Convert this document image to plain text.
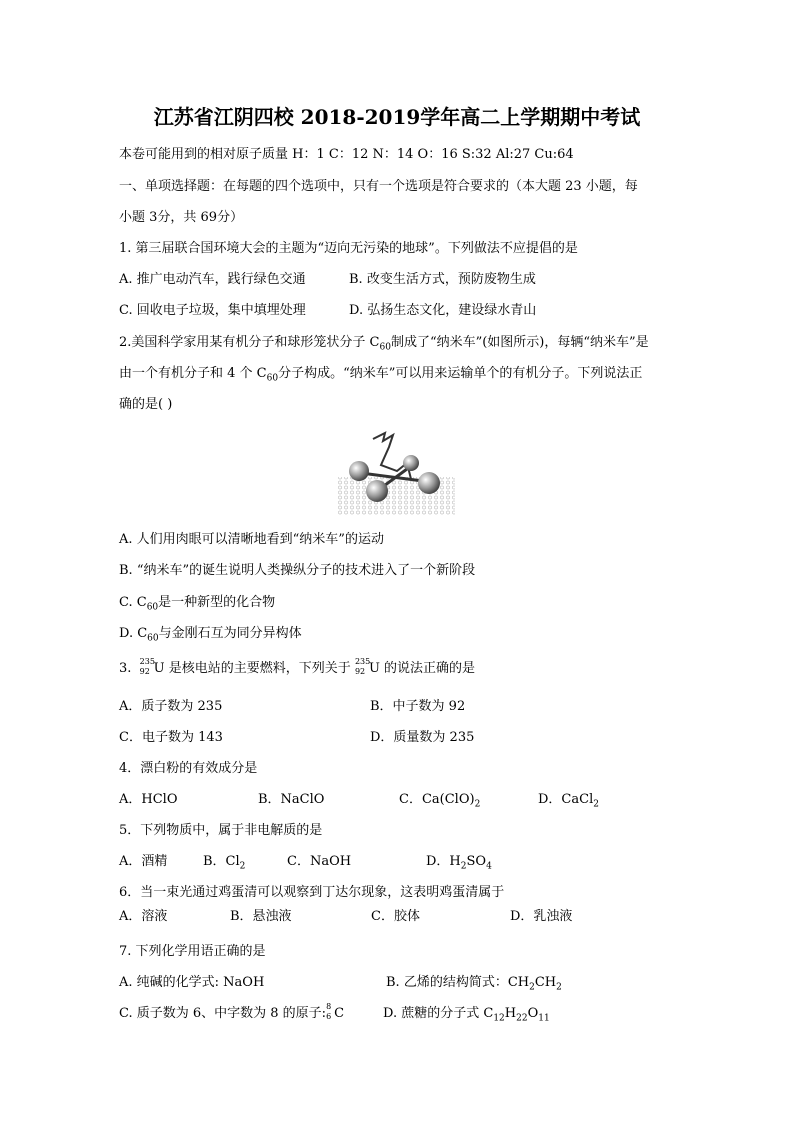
江苏省江阴四校 2018-2019学年高二上学期期中考试
本卷可能用到的相对原子质量 H：1 C：12 N：14 O：16 S:32 Al:27 Cu:64
一、单项选择题：在每题的四个选项中，只有一个选项是符合要求的（本大题 23 小题，每
小题 3分，共 69分）
1. 第三届联合国环境大会的主题为“迈向无污染的地球”。下列做法不应提倡的是
A. 推广电动汽车，践行绿色交通	B. 改变生活方式，预防废物生成
C. 回收电子垃圾，集中填埋处理	D. 弘扬生态文化，建设绿水青山
2.美国科学家用某有机分子和球形笼状分子 $C_{60}$制成了“纳米车”(如图所示)，每辆“纳米车”是
由一个有机分子和 4 个 $C_{60}$分子构成。“纳米车”可以用来运输单个的有机分子。下列说法正
确的是( )
A. 人们用肉眼可以清晰地看到“纳米车”的运动
B. “纳米车”的诞生说明人类操纵分子的技术进入了一个新阶段
C. $C_{60}$是一种新型的化合物
D. $C_{60}$与金刚石互为同分异构体
3. 235
92 U 是核电站的主要燃料，下列关于 235
92 U 的说法正确的是
A．质子数为 235	B．中子数为 92
C．电子数为 143	D．质量数为 235
4．漂白粉的有效成分是
A．HClO	B．NaClO	C．$Ca(ClO)_2$	D．CaCl$_2$
5．下列物质中，属于非电解质的是
A．酒精	B．$Cl_2$	C．NaOH	D．$H_2SO_4$
6．当一束光通过鸡蛋清可以观察到丁达尔现象，这表明鸡蛋清属于
A．溶液	B．悬浊液	C．胶体	D．乳浊液
7. 下列化学用语正确的是
A. 纯碱的化学式: NaOH	B. 乙烯的结构简式：$CH_2CH_2$
C. 质子数为 6、中字数为 8 的原子: 8
6 C	D. 蔗糖的分子式 $C_{12}H_{22}O_{11}$
